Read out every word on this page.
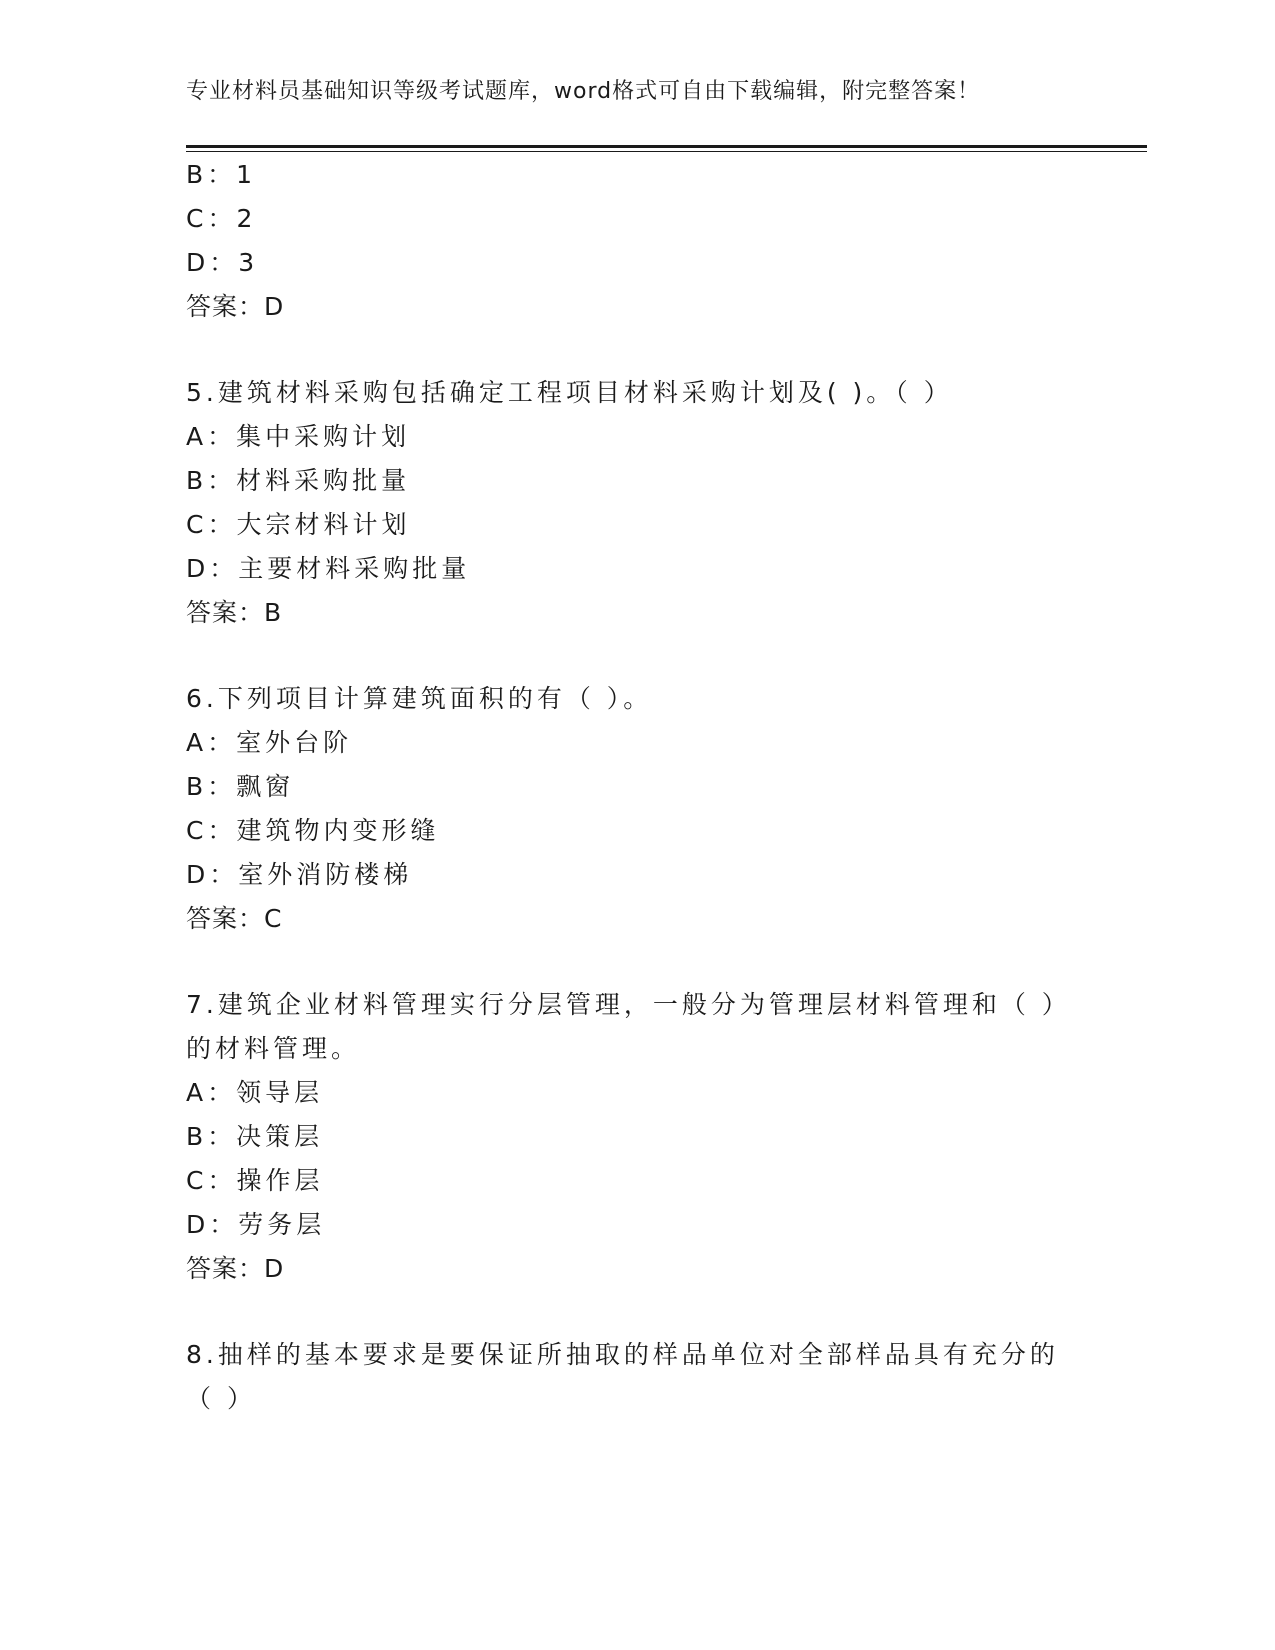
专业材料员基础知识等级考试题库，word格式可自由下载编辑，附完整答案！
B：1
C：2
D：3
答案：D
5.建筑材料采购包括确定工程项目材料采购计划及( )。（ ）
A：集中采购计划
B：材料采购批量
C：大宗材料计划
D：主要材料采购批量
答案：B
6.下列项目计算建筑面积的有（ ）。
A：室外台阶
B：飘窗
C：建筑物内变形缝
D：室外消防楼梯
答案：C
7.建筑企业材料管理实行分层管理，一般分为管理层材料管理和（ ）
的材料管理。
A：领导层
B：决策层
C：操作层
D：劳务层
答案：D
8.抽样的基本要求是要保证所抽取的样品单位对全部样品具有充分的
（ ）
